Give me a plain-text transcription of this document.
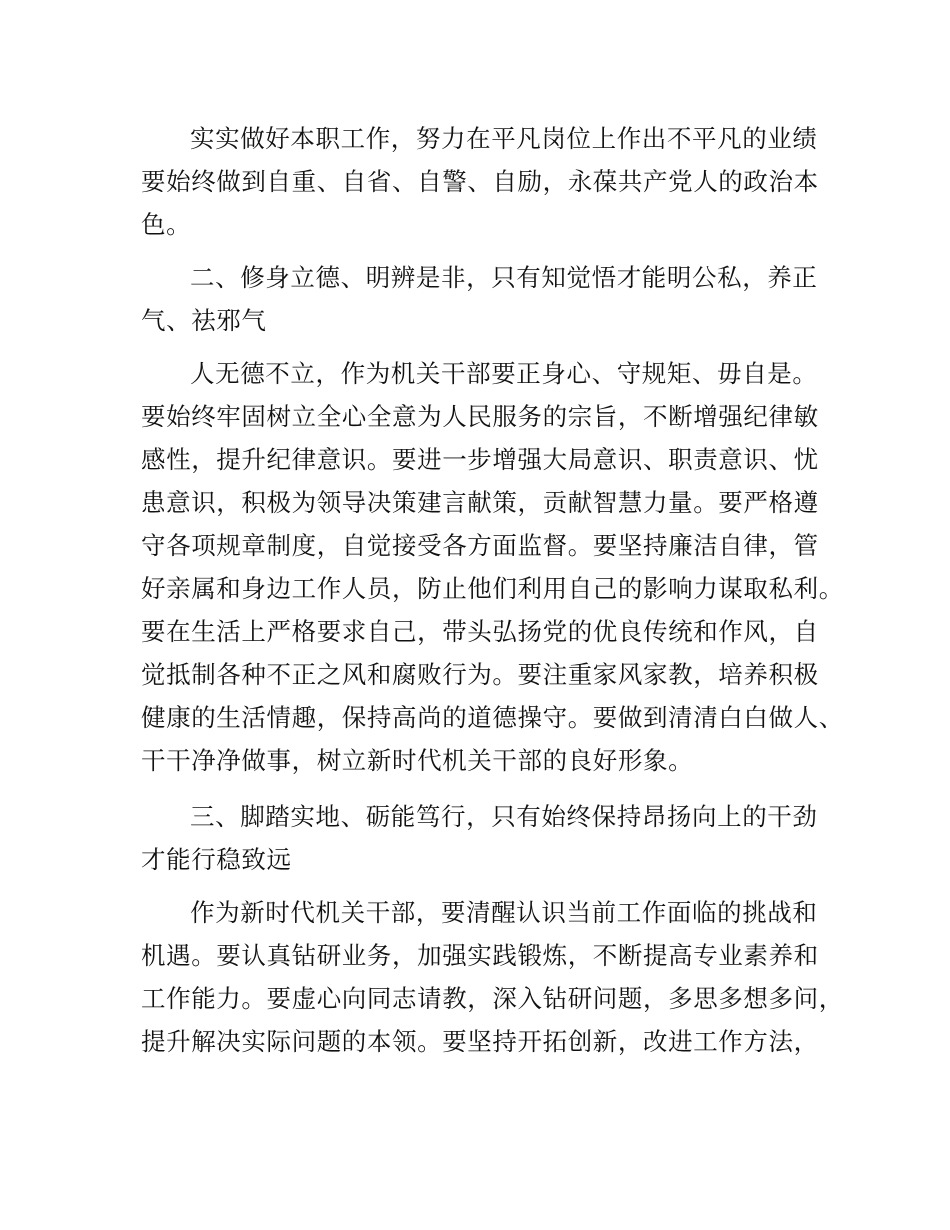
实实做好本职工作，努力在平凡岗位上作出不平凡的业绩
要始终做到自重、自省、自警、自励，永葆共产党人的政治本
色。
二、修身立德、明辨是非，只有知觉悟才能明公私，养正
气、祛邪气
人无德不立，作为机关干部要正身心、守规矩、毋自是。
要始终牢固树立全心全意为人民服务的宗旨，不断增强纪律敏
感性，提升纪律意识。要进一步增强大局意识、职责意识、忧
患意识，积极为领导决策建言献策，贡献智慧力量。要严格遵
守各项规章制度，自觉接受各方面监督。要坚持廉洁自律，管
好亲属和身边工作人员，防止他们利用自己的影响力谋取私利。
要在生活上严格要求自己，带头弘扬党的优良传统和作风，自
觉抵制各种不正之风和腐败行为。要注重家风家教，培养积极
健康的生活情趣，保持高尚的道德操守。要做到清清白白做人、
干干净净做事，树立新时代机关干部的良好形象。
三、脚踏实地、砺能笃行，只有始终保持昂扬向上的干劲
才能行稳致远
作为新时代机关干部，要清醒认识当前工作面临的挑战和
机遇。要认真钻研业务，加强实践锻炼，不断提高专业素养和
工作能力。要虚心向同志请教，深入钻研问题，多思多想多问，
提升解决实际问题的本领。要坚持开拓创新，改进工作方法，
